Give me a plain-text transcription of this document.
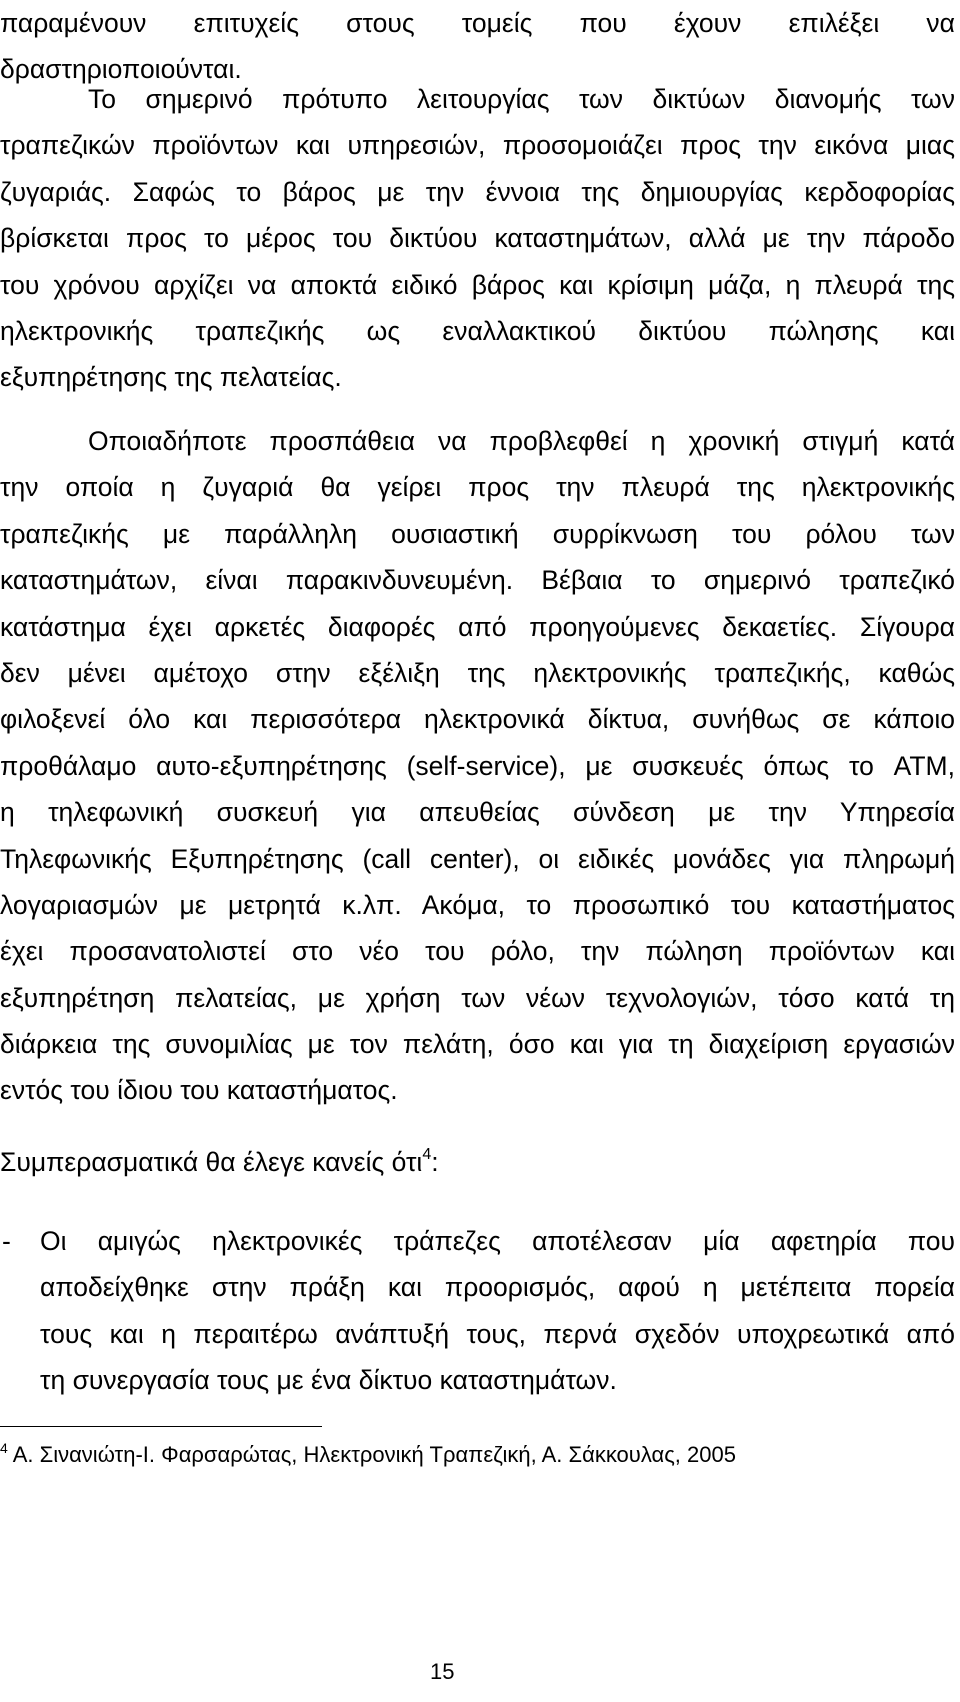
παραμένουν επιτυχείς στους τομείς που έχουν επιλέξει να
δραστηριοποιούνται.
Το σημερινό πρότυπο λειτουργίας των δικτύων διανομής των
τραπεζικών προϊόντων και υπηρεσιών, προσομοιάζει προς την εικόνα μιας
ζυγαριάς. Σαφώς το βάρος με την έννοια της δημιουργίας κερδοφορίας
βρίσκεται προς το μέρος του δικτύου καταστημάτων, αλλά με την πάροδο
του χρόνου αρχίζει να αποκτά ειδικό βάρος και κρίσιμη μάζα, η πλευρά της
ηλεκτρονικής τραπεζικής ως εναλλακτικού δικτύου πώλησης και
εξυπηρέτησης της πελατείας.
Οποιαδήποτε προσπάθεια να προβλεφθεί η χρονική στιγμή κατά
την οποία η ζυγαριά θα γείρει προς την πλευρά της ηλεκτρονικής
τραπεζικής με παράλληλη ουσιαστική συρρίκνωση του ρόλου των
καταστημάτων, είναι παρακινδυνευμένη. Βέβαια το σημερινό τραπεζικό
κατάστημα έχει αρκετές διαφορές από προηγούμενες δεκαετίες. Σίγουρα
δεν μένει αμέτοχο στην εξέλιξη της ηλεκτρονικής τραπεζικής, καθώς
φιλοξενεί όλο και περισσότερα ηλεκτρονικά δίκτυα, συνήθως σε κάποιο
προθάλαμο αυτο-εξυπηρέτησης (self-service), με συσκευές όπως το ATM,
η τηλεφωνική συσκευή για απευθείας σύνδεση με την Υπηρεσία
Τηλεφωνικής Εξυπηρέτησης (call center), οι ειδικές μονάδες για πληρωμή
λογαριασμών με μετρητά κ.λπ. Ακόμα, το προσωπικό του καταστήματος
έχει προσανατολιστεί στο νέο του ρόλο, την πώληση προϊόντων και
εξυπηρέτηση πελατείας, με χρήση των νέων τεχνολογιών, τόσο κατά τη
διάρκεια της συνομιλίας με τον πελάτη, όσο και για τη διαχείριση εργασιών
εντός του ίδιου του καταστήματος.
Συμπερασματικά θα έλεγε κανείς ότι$^4$:
- Οι αμιγώς ηλεκτρονικές τράπεζες αποτέλεσαν μία αφετηρία που
αποδείχθηκε στην πράξη και προορισμός, αφού η μετέπειτα πορεία
τους και η περαιτέρω ανάπτυξή τους, περνά σχεδόν υποχρεωτικά από
τη συνεργασία τους με ένα δίκτυο καταστημάτων.
$^4$ Α. Σινανιώτη-Ι. Φαρσαρώτας, Ηλεκτρονική Τραπεζική, Α. Σάκκουλας, 2005
15
